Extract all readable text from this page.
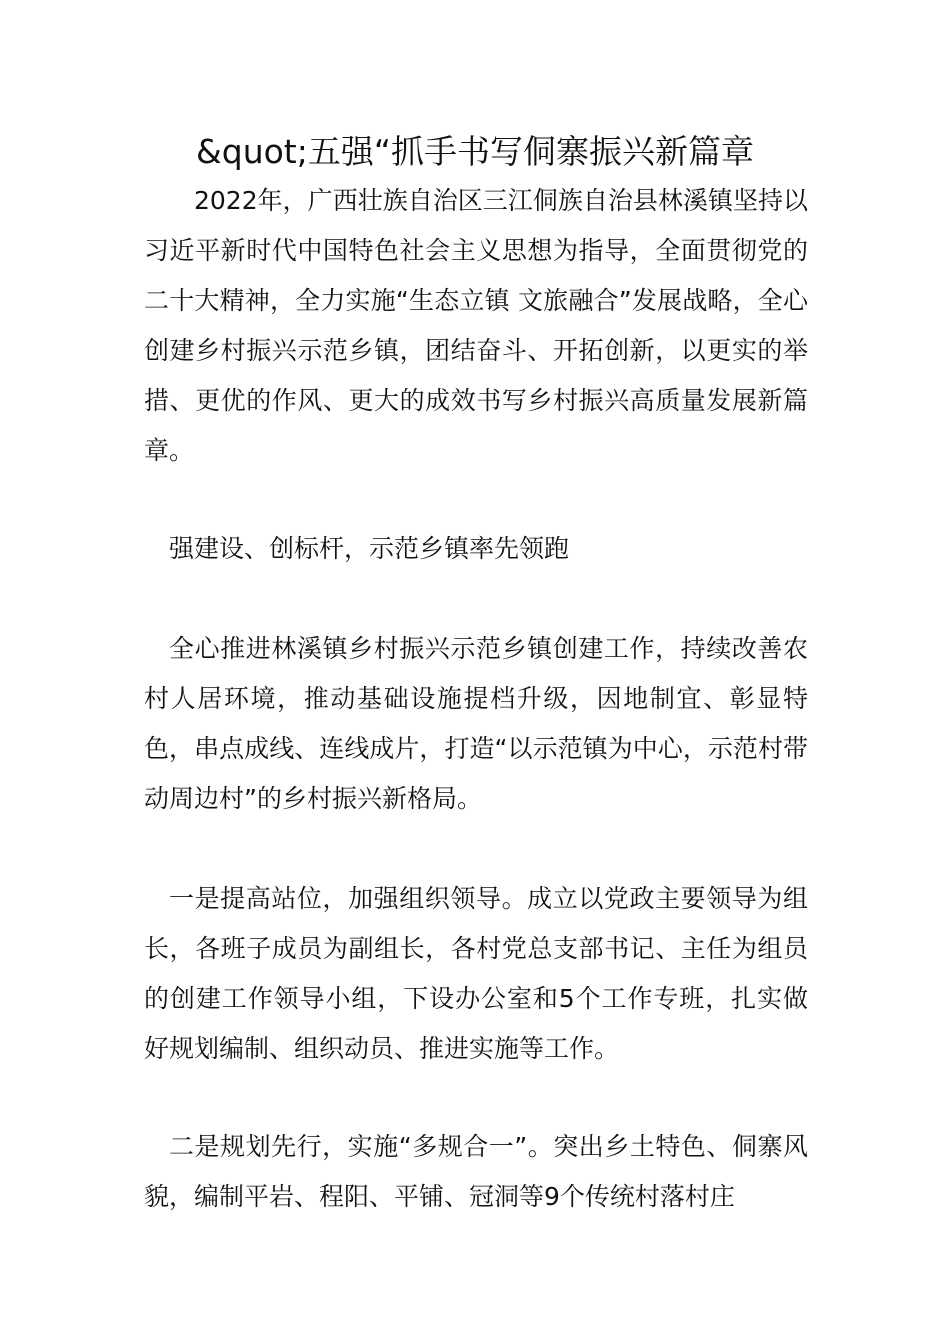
&quot;五强“抓手书写侗寨振兴新篇章

2022年，广西壮族自治区三江侗族自治县林溪镇坚持以习近平新时代中国特色社会主义思想为指导，全面贯彻党的二十大精神，全力实施“生态立镇 文旅融合”发展战略，全心创建乡村振兴示范乡镇，团结奋斗、开拓创新，以更实的举措、更优的作风、更大的成效书写乡村振兴高质量发展新篇章。

强建设、创标杆，示范乡镇率先领跑

全心推进林溪镇乡村振兴示范乡镇创建工作，持续改善农村人居环境，推动基础设施提档升级，因地制宜、彰显特色，串点成线、连线成片，打造“以示范镇为中心，示范村带动周边村”的乡村振兴新格局。

一是提高站位，加强组织领导。成立以党政主要领导为组长，各班子成员为副组长，各村党总支部书记、主任为组员的创建工作领导小组，下设办公室和5个工作专班，扎实做好规划编制、组织动员、推进实施等工作。

二是规划先行，实施“多规合一”。突出乡土特色、侗寨风貌，编制平岩、程阳、平铺、冠洞等9个传统村落村庄
